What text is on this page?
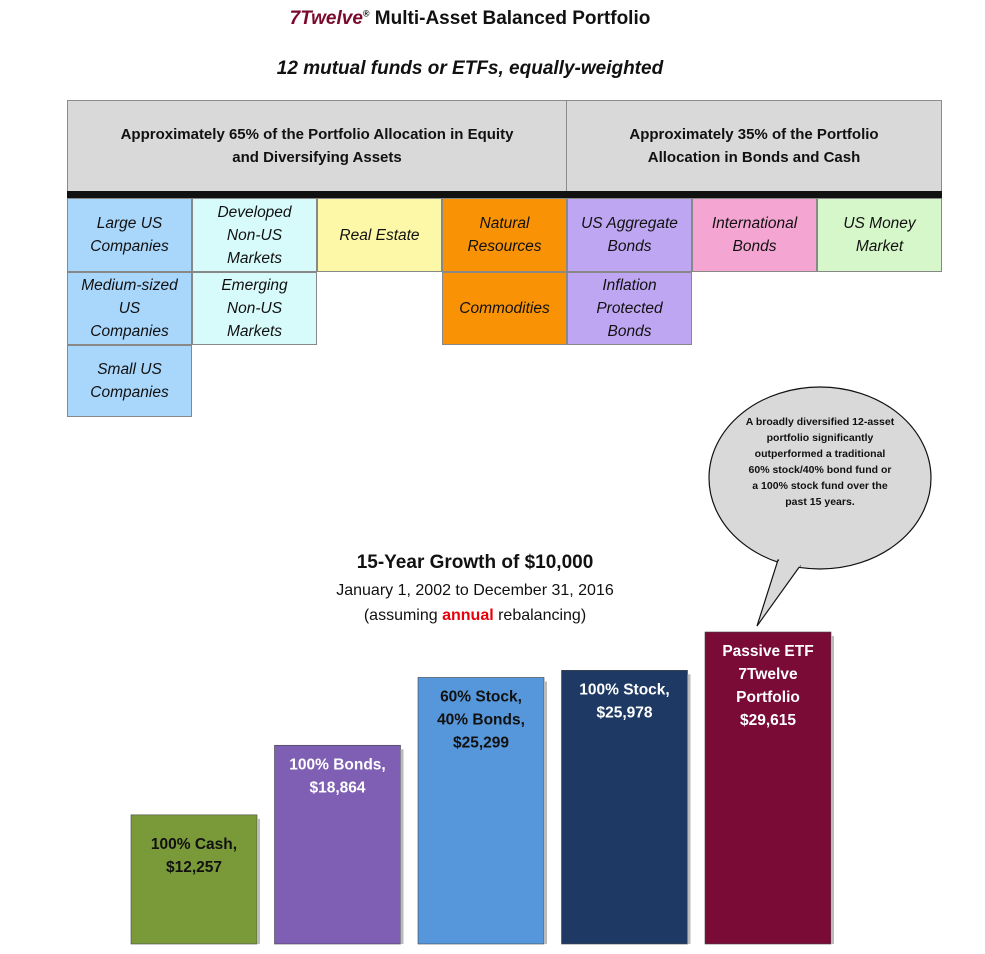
7Twelve® Multi-Asset Balanced Portfolio
12 mutual funds or ETFs, equally-weighted
Approximately 65% of the Portfolio Allocation in Equity and Diversifying Assets
Approximately 35% of the Portfolio Allocation in Bonds and Cash
Large US Companies
Medium-sized US Companies
Small US Companies
Developed Non-US Markets
Emerging Non-US Markets
Real Estate
Natural Resources
Commodities
US Aggregate Bonds
Inflation Protected Bonds
International Bonds
US Money Market
100% Cash,
$12,257
100% Bonds,
$18,864
60% Stock,
40% Bonds,
$25,299
100% Stock,
$25,978
Passive ETF
7Twelve
Portfolio
$29,615
A broadly diversified 12-asset portfolio significantly outperformed a traditional 60% stock/40% bond fund or a 100% stock fund over the past 15 years.
15-Year Growth of $10,000
January 1, 2002 to December 31, 2016
(assuming annual rebalancing)
